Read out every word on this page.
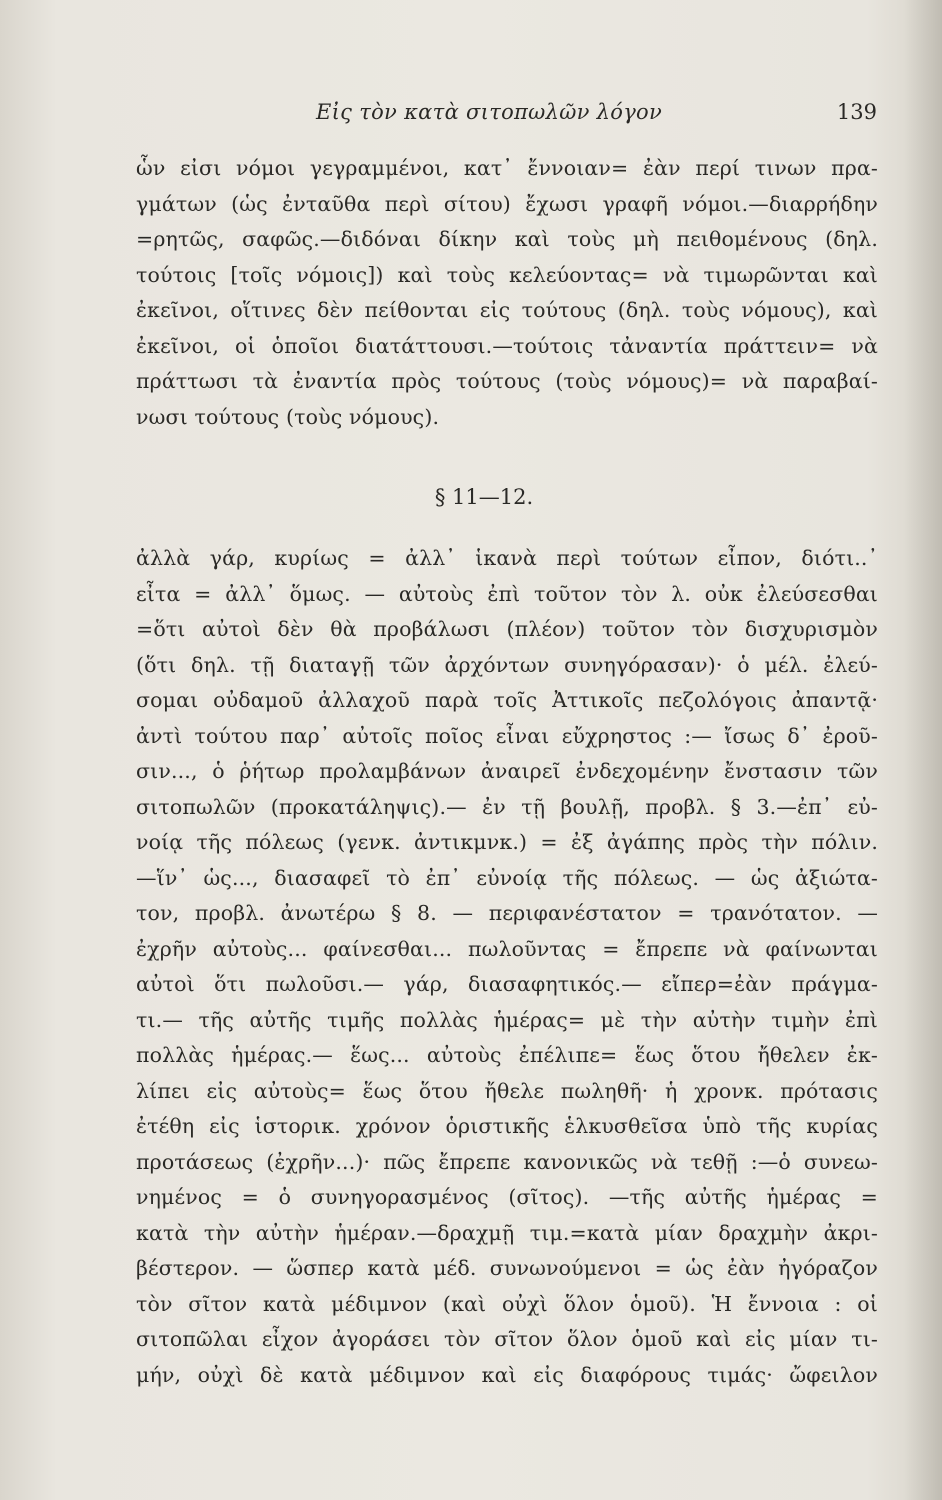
Εἰς τὸν κατὰ σιτοπωλῶν λόγον	139
ὧν εἰσι νόμοι γεγραμμένοι, κατ᾿ ἔννοιαν= ἐὰν περί τινων πρα-
γμάτων (ὡς ἐνταῦθα περὶ σίτου) ἔχωσι γραφῆ νόμοι.—διαρρήδην
=ρητῶς, σαφῶς.—διδόναι δίκην καὶ τοὺς μὴ πειθομένους (δηλ.
τούτοις [τοῖς νόμοις]) καὶ τοὺς κελεύοντας= νὰ τιμωρῶνται καὶ
ἐκεῖνοι, οἵτινες δὲν πείθονται εἰς τούτους (δηλ. τοὺς νόμους), καὶ
ἐκεῖνοι, οἱ ὁποῖοι διατάττουσι.—τούτοις τἀναντία πράττειν= νὰ
πράττωσι τὰ ἐναντία πρὸς τούτους (τοὺς νόμους)= νὰ παραβαί-
νωσι τούτους (τοὺς νόμους).
§ 11—12.
ἀλλὰ γάρ, κυρίως = ἀλλ᾿ ἱκανὰ περὶ τούτων εἶπον, διότι..᾿
εἶτα = ἀλλ᾿ ὅμως. — αὐτοὺς ἐπὶ τοῦτον τὸν λ. οὐκ ἐλεύσεσθαι
=ὅτι αὐτοὶ δὲν θὰ προβάλωσι (πλέον) τοῦτον τὸν δισχυρισμὸν
(ὅτι δηλ. τῇ διαταγῇ τῶν ἀρχόντων συνηγόρασαν)· ὁ μέλ. ἐλεύ-
σομαι οὐδαμοῦ ἀλλαχοῦ παρὰ τοῖς Ἀττικοῖς πεζολόγοις ἀπαντᾷ·
ἀντὶ τούτου παρ᾿ αὐτοῖς ποῖος εἶναι εὔχρηστος :— ἴσως δ᾿ ἐροῦ-
σιν..., ὁ ῥήτωρ προλαμβάνων ἀναιρεῖ ἐνδεχομένην ἔνστασιν τῶν
σιτοπωλῶν (προκατάληψις).— ἐν τῇ βουλῇ, προβλ. § 3.—ἐπ᾿ εὐ-
νοίᾳ τῆς πόλεως (γενκ. ἀντικμνκ.) = ἐξ ἀγάπης πρὸς τὴν πόλιν.
—ἵν᾿ ὡς..., διασαφεῖ τὸ ἐπ᾿ εὐνοίᾳ τῆς πόλεως. — ὡς ἀξιώτα-
τον, προβλ. ἀνωτέρω § 8. — περιφανέστατον = τρανότατον. —
ἐχρῆν αὐτοὺς... φαίνεσθαι... πωλοῦντας = ἔπρεπε νὰ φαίνωνται
αὐτοὶ ὅτι πωλοῦσι.— γάρ, διασαφητικός.— εἴπερ=ἐὰν πράγμα-
τι.— τῆς αὐτῆς τιμῆς πολλὰς ἡμέρας= μὲ τὴν αὐτὴν τιμὴν ἐπὶ
πολλὰς ἡμέρας.— ἕως... αὐτοὺς ἐπέλιπε= ἕως ὅτου ἤθελεν ἐκ-
λίπει εἰς αὐτοὺς= ἕως ὅτου ἤθελε πωληθῆ· ἡ χρονκ. πρότασις
ἐτέθη εἰς ἱστορικ. χρόνον ὁριστικῆς ἑλκυσθεῖσα ὑπὸ τῆς κυρίας
προτάσεως (ἐχρῆν...)· πῶς ἔπρεπε κανονικῶς νὰ τεθῇ :—ὁ συνεω-
νημένος = ὁ συνηγορασμένος (σῖτος). —τῆς αὐτῆς ἡμέρας =
κατὰ τὴν αὐτὴν ἡμέραν.—δραχμῇ τιμ.=κατὰ μίαν δραχμὴν ἀκρι-
βέστερον. — ὥσπερ κατὰ μέδ. συνωνούμενοι = ὡς ἐὰν ἠγόραζον
τὸν σῖτον κατὰ μέδιμνον (καὶ οὐχὶ ὅλον ὁμοῦ). Ἡ ἔννοια : οἱ
σιτοπῶλαι εἶχον ἀγοράσει τὸν σῖτον ὅλον ὁμοῦ καὶ εἰς μίαν τι-
μήν, οὐχὶ δὲ κατὰ μέδιμνον καὶ εἰς διαφόρους τιμάς· ὤφειλον
